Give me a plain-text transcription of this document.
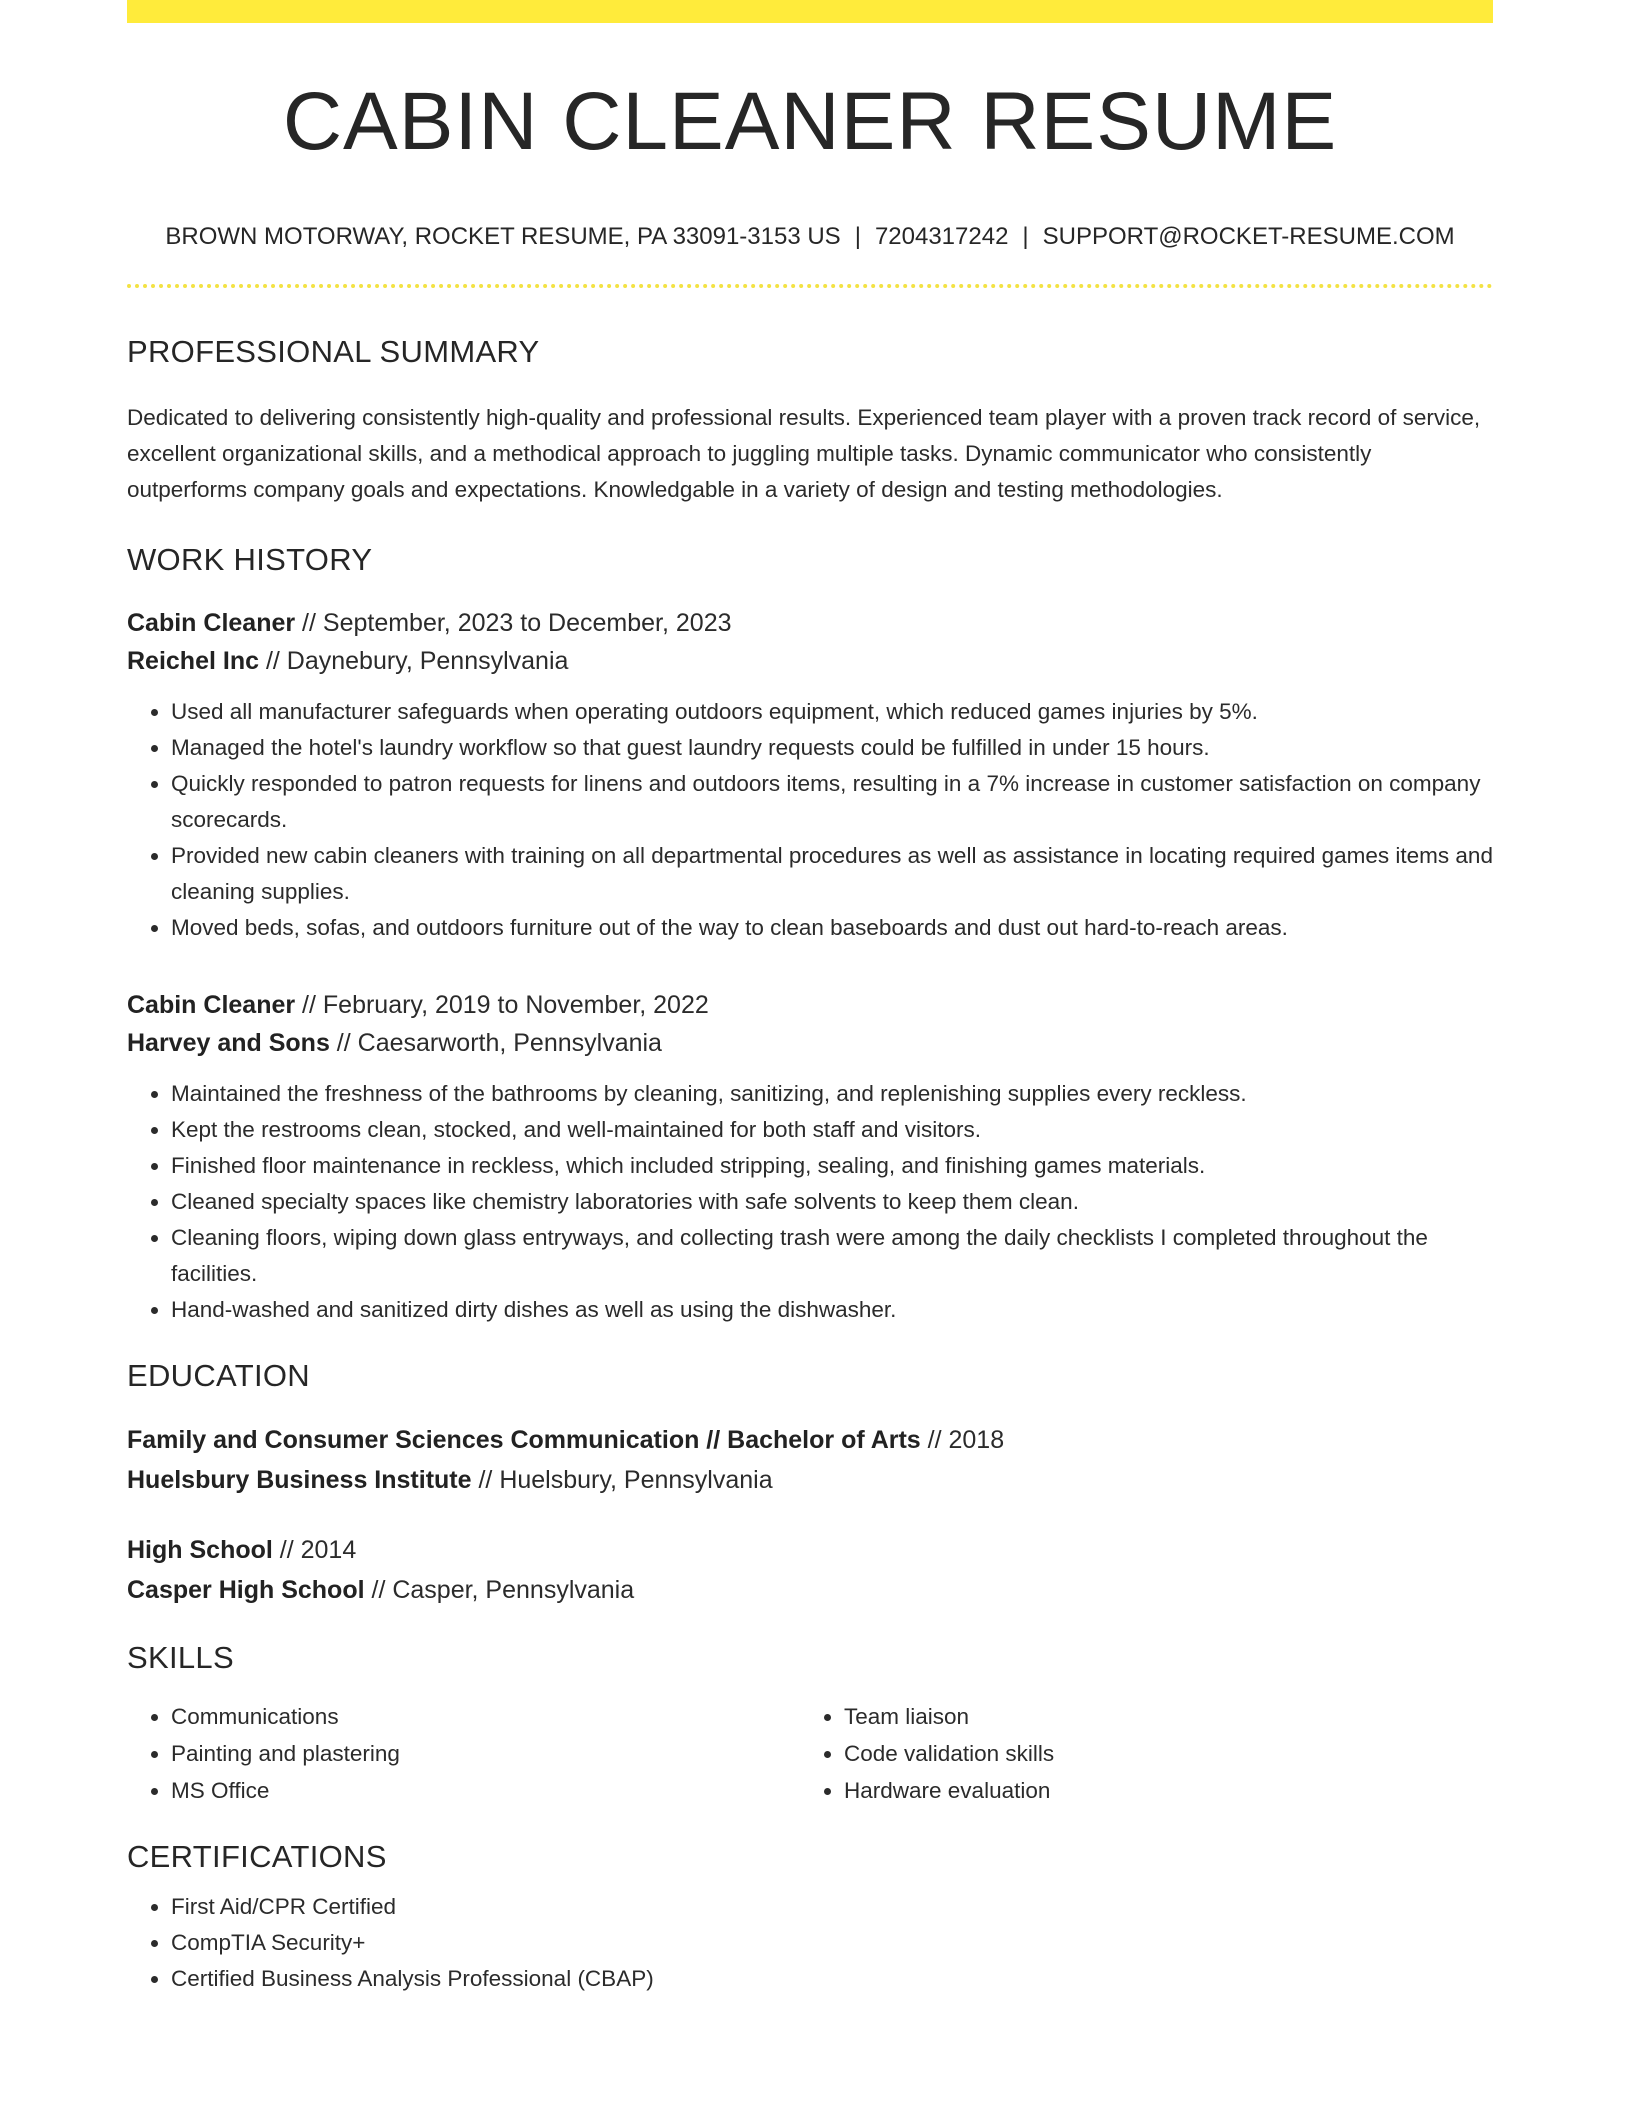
CABIN CLEANER RESUME
BROWN MOTORWAY, ROCKET RESUME, PA 33091-3153 US | 7204317242 | SUPPORT@ROCKET-RESUME.COM
PROFESSIONAL SUMMARY
Dedicated to delivering consistently high-quality and professional results. Experienced team player with a proven track record of service, excellent organizational skills, and a methodical approach to juggling multiple tasks. Dynamic communicator who consistently outperforms company goals and expectations. Knowledgable in a variety of design and testing methodologies.
WORK HISTORY
Cabin Cleaner // September, 2023 to December, 2023
Reichel Inc // Daynebury, Pennsylvania
• Used all manufacturer safeguards when operating outdoors equipment, which reduced games injuries by 5%.
• Managed the hotel's laundry workflow so that guest laundry requests could be fulfilled in under 15 hours.
• Quickly responded to patron requests for linens and outdoors items, resulting in a 7% increase in customer satisfaction on company scorecards.
• Provided new cabin cleaners with training on all departmental procedures as well as assistance in locating required games items and cleaning supplies.
• Moved beds, sofas, and outdoors furniture out of the way to clean baseboards and dust out hard-to-reach areas.
Cabin Cleaner // February, 2019 to November, 2022
Harvey and Sons // Caesarworth, Pennsylvania
• Maintained the freshness of the bathrooms by cleaning, sanitizing, and replenishing supplies every reckless.
• Kept the restrooms clean, stocked, and well-maintained for both staff and visitors.
• Finished floor maintenance in reckless, which included stripping, sealing, and finishing games materials.
• Cleaned specialty spaces like chemistry laboratories with safe solvents to keep them clean.
• Cleaning floors, wiping down glass entryways, and collecting trash were among the daily checklists I completed throughout the facilities.
• Hand-washed and sanitized dirty dishes as well as using the dishwasher.
EDUCATION
Family and Consumer Sciences Communication // Bachelor of Arts // 2018
Huelsbury Business Institute // Huelsbury, Pennsylvania
High School // 2014
Casper High School // Casper, Pennsylvania
SKILLS
• Communications
• Painting and plastering
• MS Office
• Team liaison
• Code validation skills
• Hardware evaluation
CERTIFICATIONS
• First Aid/CPR Certified
• CompTIA Security+
• Certified Business Analysis Professional (CBAP)
